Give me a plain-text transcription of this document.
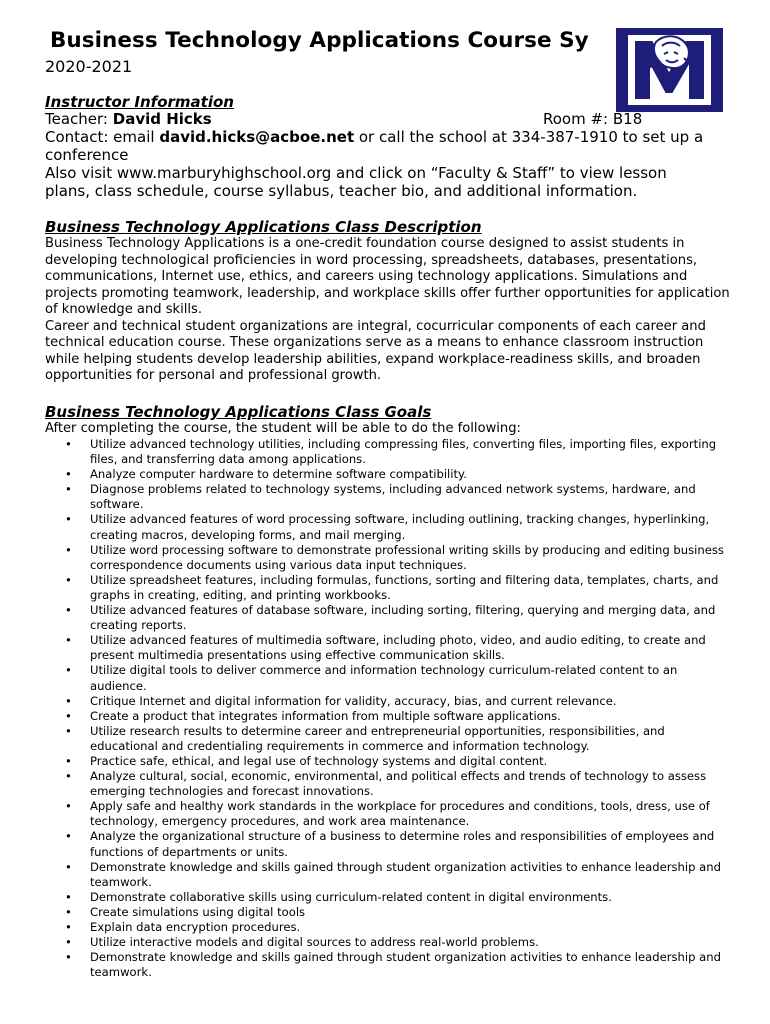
Business Technology Applications Course Sy
2020-2021
Instructor Information
Teacher: David Hicks	Room #: B18
Contact: email david.hicks@acboe.net or call the school at 334-387-1910 to set up a
conference
Also visit www.marburyhighschool.org and click on “Faculty & Staff” to view lesson
plans, class schedule, course syllabus, teacher bio, and additional information.
Business Technology Applications Class Description

Business Technology Applications is a one-credit foundation course designed to assist students in developing technological proficiencies in word processing, spreadsheets, databases, presentations, communications, Internet use, ethics, and careers using technology applications. Simulations and projects promoting teamwork, leadership, and workplace skills offer further opportunities for application of knowledge and skills.

Career and technical student organizations are integral, cocurricular components of each career and technical education course. These organizations serve as a means to enhance classroom instruction while helping students develop leadership abilities, expand workplace-readiness skills, and broaden opportunities for personal and professional growth.

Business Technology Applications Class Goals
After completing the course, the student will be able to do the following:
• Utilize advanced technology utilities, including compressing files, converting files, importing files, exporting files, and transferring data among applications.
• Analyze computer hardware to determine software compatibility.
• Diagnose problems related to technology systems, including advanced network systems, hardware, and software.
• Utilize advanced features of word processing software, including outlining, tracking changes, hyperlinking, creating macros, developing forms, and mail merging.
• Utilize word processing software to demonstrate professional writing skills by producing and editing business correspondence documents using various data input techniques.
• Utilize spreadsheet features, including formulas, functions, sorting and filtering data, templates, charts, and graphs in creating, editing, and printing workbooks.
• Utilize advanced features of database software, including sorting, filtering, querying and merging data, and creating reports.
• Utilize advanced features of multimedia software, including photo, video, and audio editing, to create and present multimedia presentations using effective communication skills.
• Utilize digital tools to deliver commerce and information technology curriculum-related content to an audience.
• Critique Internet and digital information for validity, accuracy, bias, and current relevance.
• Create a product that integrates information from multiple software applications.
• Utilize research results to determine career and entrepreneurial opportunities, responsibilities, and educational and credentialing requirements in commerce and information technology.
• Practice safe, ethical, and legal use of technology systems and digital content.
• Analyze cultural, social, economic, environmental, and political effects and trends of technology to assess emerging technologies and forecast innovations.
• Apply safe and healthy work standards in the workplace for procedures and conditions, tools, dress, use of technology, emergency procedures, and work area maintenance.
• Analyze the organizational structure of a business to determine roles and responsibilities of employees and functions of departments or units.
• Demonstrate knowledge and skills gained through student organization activities to enhance leadership and teamwork.
• Demonstrate collaborative skills using curriculum-related content in digital environments.
• Create simulations using digital tools
• Explain data encryption procedures.
• Utilize interactive models and digital sources to address real-world problems.
• Demonstrate knowledge and skills gained through student organization activities to enhance leadership and teamwork.
